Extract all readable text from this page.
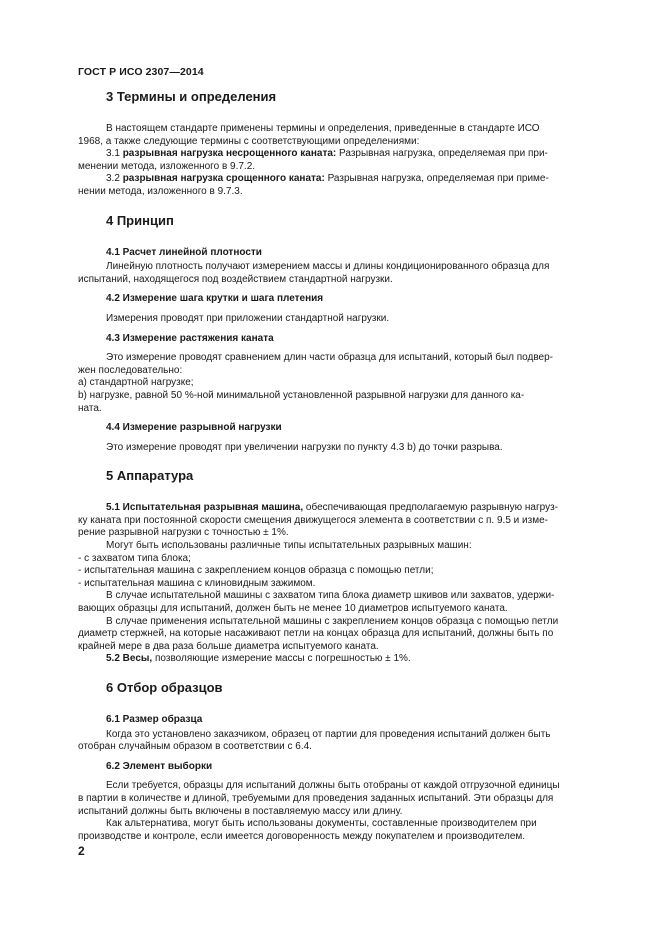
ГОСТ Р ИСО 2307—2014
3 Термины и определения

В настоящем стандарте применены термины и определения, приведенные в стандарте ИСО

1968, а также следующие термины с соответствующими определениями:

3.1 разрывная нагрузка несрощенного каната: Разрывная нагрузка, определяемая при при-

менении метода, изложенного в 9.7.2.

3.2 разрывная нагрузка срощенного каната: Разрывная нагрузка, определяемая при приме-

нении метода, изложенного в 9.7.3.

4 Принцип

4.1 Расчет линейной плотности

Линейную плотность получают измерением массы и длины кондиционированного образца для

испытаний, находящегося под воздействием стандартной нагрузки.

4.2 Измерение шага крутки и шага плетения

Измерения проводят при приложении стандартной нагрузки.

4.3 Измерение растяжения каната

Это измерение проводят сравнением длин части образца для испытаний, который был подвер-

жен последовательно:

а) стандартной нагрузке;

b) нагрузке, равной 50 %-ной минимальной установленной разрывной нагрузки для данного ка-

ната.

4.4 Измерение разрывной нагрузки

Это измерение проводят при увеличении нагрузки по пункту 4.3 b) до точки разрыва.

5 Аппаратура

5.1 Испытательная разрывная машина, обеспечивающая предполагаемую разрывную нагруз-

ку каната при постоянной скорости смещения движущегося элемента в соответствии с п. 9.5 и изме-

рение разрывной нагрузки с точностью ± 1%.

Могут быть использованы различные типы испытательных разрывных машин:

- с захватом типа блока;

- испытательная машина с закреплением концов образца с помощью петли;

- испытательная машина с клиновидным зажимом.

В случае испытательной машины с захватом типа блока диаметр шкивов или захватов, удержи-

вающих образцы для испытаний, должен быть не менее 10 диаметров испытуемого каната.

В случае применения испытательной машины с закреплением концов образца с помощью петли

диаметр стержней, на которые насаживают петли на концах образца для испытаний, должны быть по

крайней мере в два раза больше диаметра испытуемого каната.

5.2 Весы, позволяющие измерение массы с погрешностью ± 1%.

6 Отбор образцов

6.1 Размер образца

Когда это установлено заказчиком, образец от партии для проведения испытаний должен быть

отобран случайным образом в соответствии с 6.4.

6.2 Элемент выборки

Если требуется, образцы для испытаний должны быть отобраны от каждой отгрузочной единицы

в партии в количестве и длиной, требуемыми для проведения заданных испытаний. Эти образцы для

испытаний должны быть включены в поставляемую массу или длину.

Как альтернатива, могут быть использованы документы, составленные производителем при

производстве и контроле, если имеется договоренность между покупателем и производителем.

2
